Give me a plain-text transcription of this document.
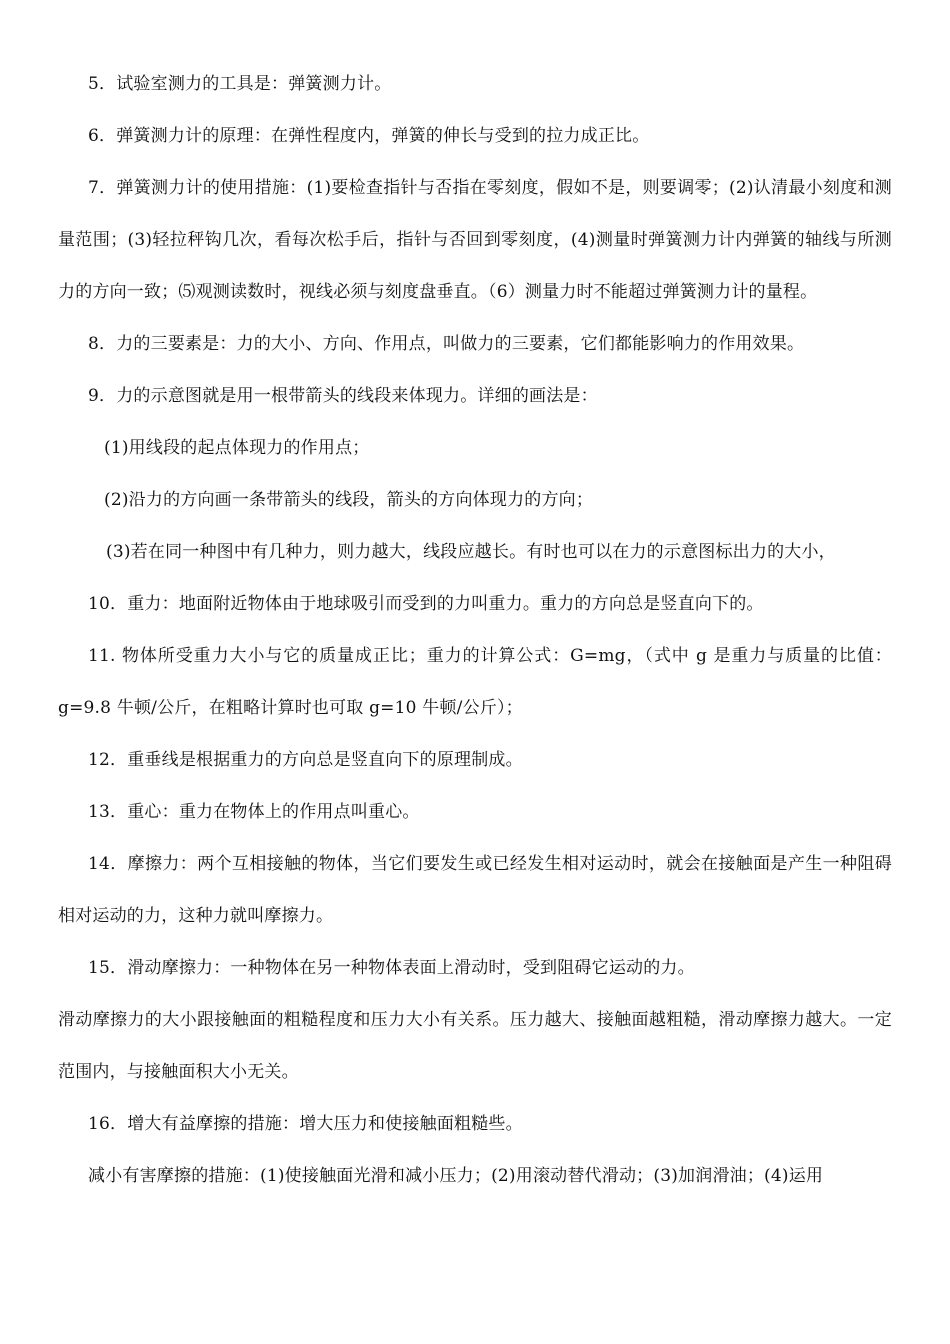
5．试验室测力的工具是：弹簧测力计。

6．弹簧测力计的原理：在弹性程度内，弹簧的伸长与受到的拉力成正比。

7．弹簧测力计的使用措施：(1)要检查指针与否指在零刻度，假如不是，则要调零；(2)认清最小刻度和测量范围；(3)轻拉秤钩几次，看每次松手后，指针与否回到零刻度，(4)测量时弹簧测力计内弹簧的轴线与所测力的方向一致；⑸观测读数时，视线必须与刻度盘垂直。（6）测量力时不能超过弹簧测力计的量程。

8．力的三要素是：力的大小、方向、作用点，叫做力的三要素，它们都能影响力的作用效果。

9．力的示意图就是用一根带箭头的线段来体现力。详细的画法是：

(1)用线段的起点体现力的作用点；

(2)沿力的方向画一条带箭头的线段，箭头的方向体现力的方向；

(3)若在同一种图中有几种力，则力越大，线段应越长。有时也可以在力的示意图标出力的大小，

10．重力：地面附近物体由于地球吸引而受到的力叫重力。重力的方向总是竖直向下的。

11. 物体所受重力大小与它的质量成正比；重力的计算公式：G=mg，（式中 g 是重力与质量的比值：g=9.8 牛顿/公斤，在粗略计算时也可取 g=10 牛顿/公斤）；

12．重垂线是根据重力的方向总是竖直向下的原理制成。

13．重心：重力在物体上的作用点叫重心。

14．摩擦力：两个互相接触的物体，当它们要发生或已经发生相对运动时，就会在接触面是产生一种阻碍相对运动的力，这种力就叫摩擦力。

15．滑动摩擦力：一种物体在另一种物体表面上滑动时，受到阻碍它运动的力。

滑动摩擦力的大小跟接触面的粗糙程度和压力大小有关系。压力越大、接触面越粗糙，滑动摩擦力越大。一定范围内，与接触面积大小无关。

16．增大有益摩擦的措施：增大压力和使接触面粗糙些。

减小有害摩擦的措施：(1)使接触面光滑和减小压力；(2)用滚动替代滑动；(3)加润滑油；(4)运用
